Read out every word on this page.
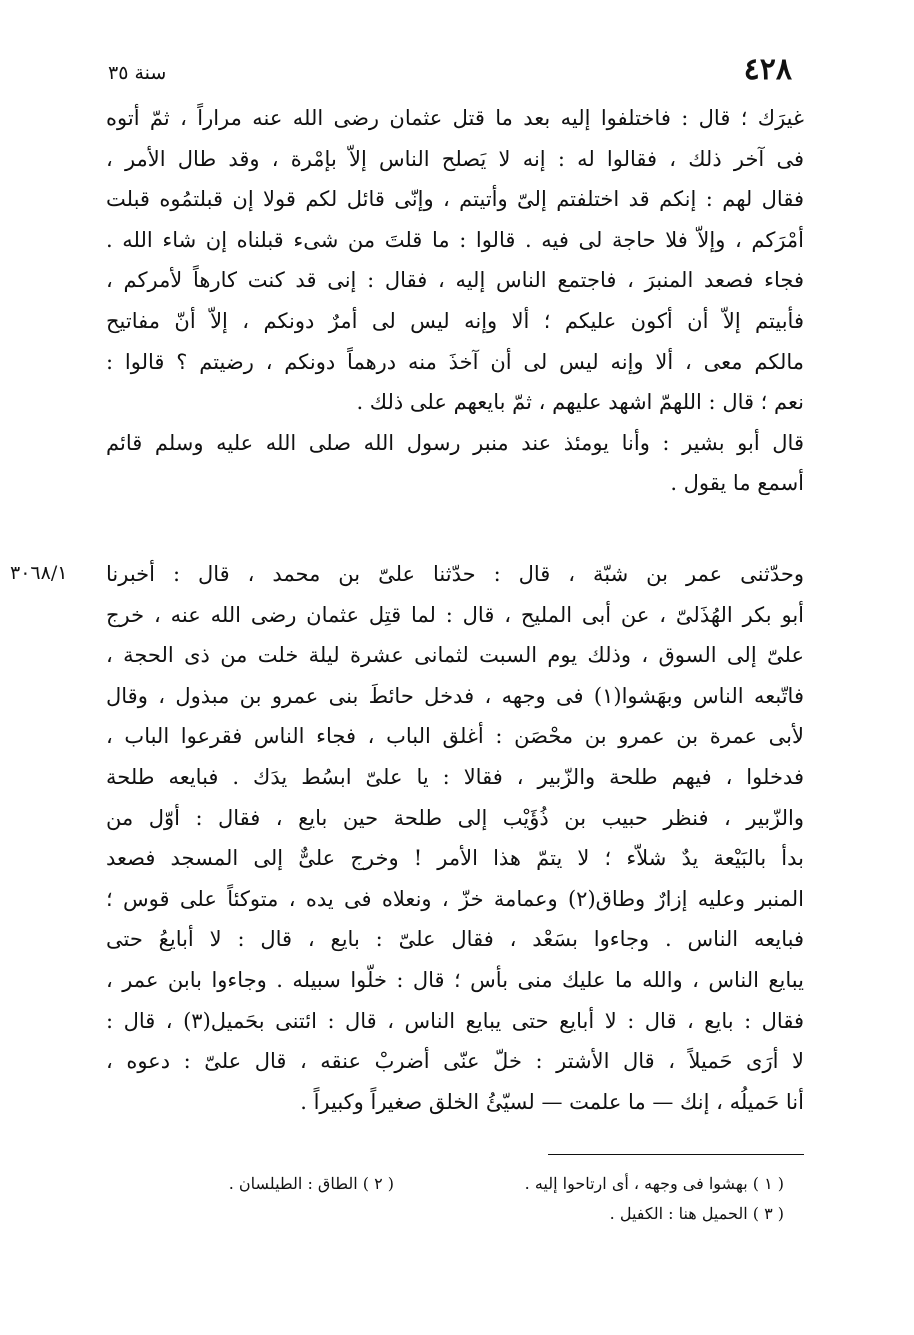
٤٢٨
سنة ٣٥
غيرَك ؛ قال : فاختلفوا إليه بعد ما قتل عثمان رضى الله عنه مراراً ، ثمّ أتوه
فى آخر ذلك ، فقالوا له : إنه لا يَصلح الناس إلاّ بإمْرة ، وقد طال الأمر ،
فقال لهم : إنكم قد اختلفتم إلىّ وأتيتم ، وإنّى قائل لكم قولا إن قبلتمُوه قبلت
أمْرَكم ، وإلاّ فلا حاجة لى فيه . قالوا : ما قلتَ من شىء قبلناه إن شاء الله .
فجاء فصعد المنبرَ ، فاجتمع الناس إليه ، فقال : إنى قد كنت كارهاً لأمركم ،
فأبيتم إلاّ أن أكون عليكم ؛ ألا وإنه ليس لى أمرٌ دونكم ، إلاّ أنّ مفاتيح
مالكم معى ، ألا وإنه ليس لى أن آخذَ منه درهماً دونكم ، رضيتم ؟ قالوا :
نعم ؛ قال : اللهمّ اشهد عليهم ، ثمّ بايعهم على ذلك .
قال أبو بشير : وأنا يومئذ عند منبر رسول الله صلى الله عليه وسلم قائم
أسمع ما يقول .
٣٠٦٨/١	وحدّثنى عمر بن شبّة ، قال : حدّثنا علىّ بن محمد ، قال : أخبرنا
أبو بكر الهُذَلىّ ، عن أبى المليح ، قال : لما قتِل عثمان رضى الله عنه ، خرج
علىّ إلى السوق ، وذلك يوم السبت لثمانى عشرة ليلة خلت من ذى الحجة ،
فاتّبعه الناس وبهَشوا(١) فى وجهه ، فدخل حائطَ بنى عمرو بن مبذول ، وقال
لأبى عمرة بن عمرو بن محْصَن : أغلق الباب ، فجاء الناس فقرعوا الباب ،
فدخلوا ، فيهم طلحة والزّبير ، فقالا : يا علىّ ابسُط يدَك . فبايعه طلحة
والزّبير ، فنظر حبيب بن ذُؤَيْب إلى طلحة حين بايع ، فقال : أوّل من
بدأ بالبَيْعة يدٌ شلاّء ؛ لا يتمّ هذا الأمر ! وخرج علىٌّ إلى المسجد فصعد
المنبر وعليه إزارٌ وطاق(٢) وعمامة خزّ ، ونعلاه فى يده ، متوكئاً على قوس ؛
فبايعه الناس . وجاءوا بسَعْد ، فقال علىّ : بايع ، قال : لا أبايعُ حتى
يبايع الناس ، والله ما عليك منى بأس ؛ قال : خلّوا سبيله . وجاءوا بابن عمر ،
فقال : بايع ، قال : لا أبايع حتى يبايع الناس ، قال : ائتنى بحَميل(٣) ، قال :
لا أرَى حَميلاً ، قال الأشتر : خلّ عنّى أضربْ عنقه ، قال علىّ : دعوه ،
أنا حَميلُه ، إنك — ما علمت — لسيّئُ الخلق صغيراً وكبيراً .
( ١ ) بهشوا فى وجهه ، أى ارتاحوا إليه .
( ٢ ) الطاق : الطيلسان .
( ٣ ) الحميل هنا : الكفيل .
